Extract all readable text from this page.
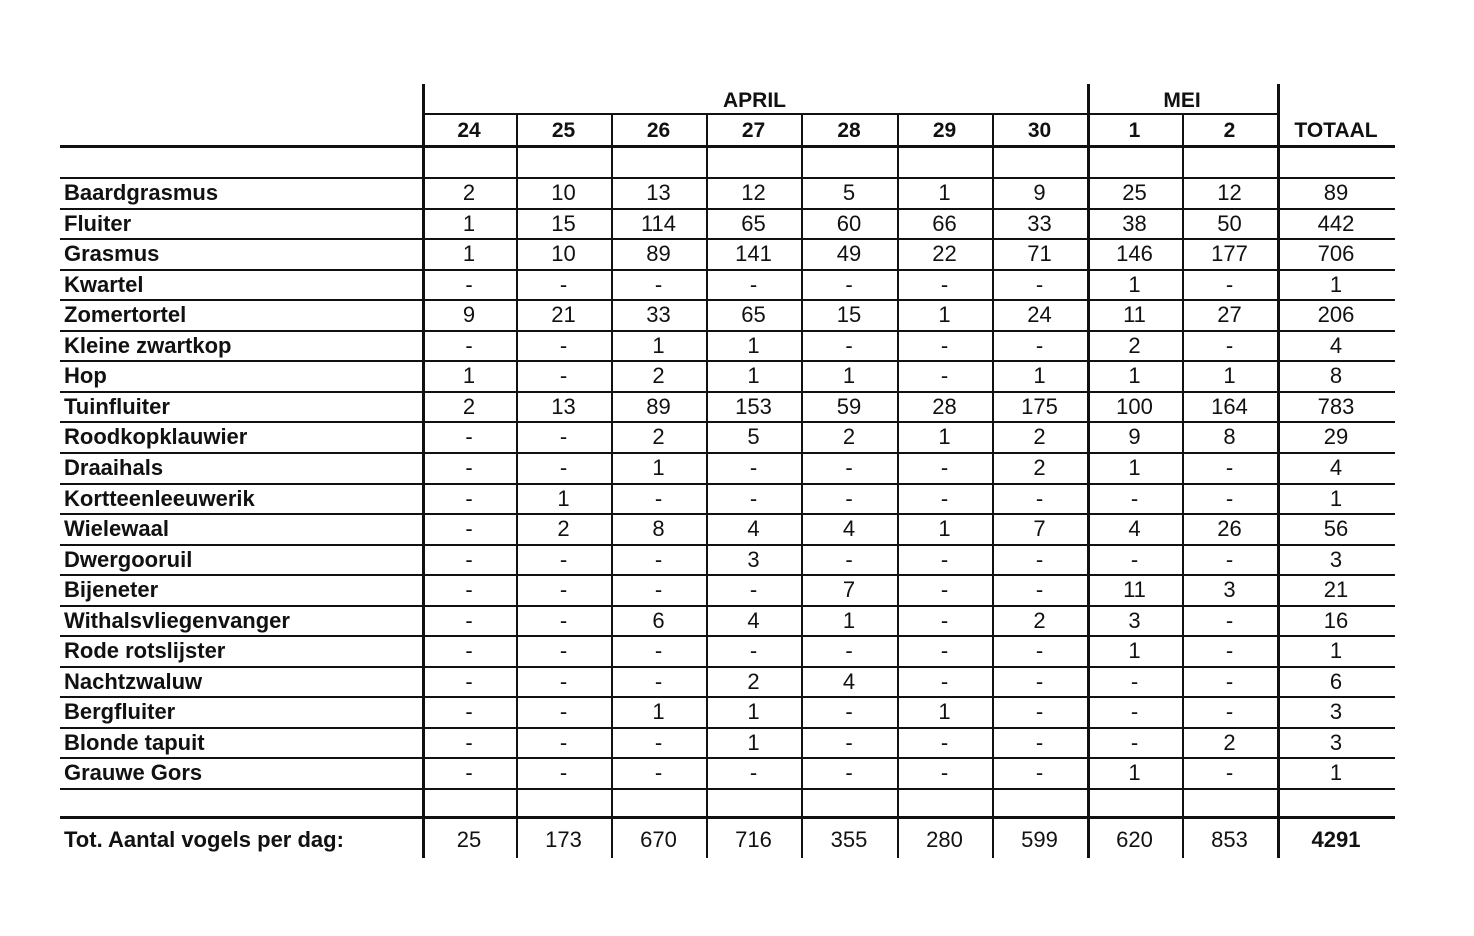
APRIL	MEI
24	25	26	27	28	29	30	1	2	TOTAAL
Baardgrasmus	2	10	13	12	5	1	9	25	12	89
Fluiter	1	15	114	65	60	66	33	38	50	442
Grasmus	1	10	89	141	49	22	71	146	177	706
Kwartel	-	-	-	-	-	-	-	1	-	1
Zomertortel	9	21	33	65	15	1	24	11	27	206
Kleine zwartkop	-	-	1	1	-	-	-	2	-	4
Hop	1	-	2	1	1	-	1	1	1	8
Tuinfluiter	2	13	89	153	59	28	175	100	164	783
Roodkopklauwier	-	-	2	5	2	1	2	9	8	29
Draaihals	-	-	1	-	-	-	2	1	-	4
Kortteenleeuwerik	-	1	-	-	-	-	-	-	-	1
Wielewaal	-	2	8	4	4	1	7	4	26	56
Dwergooruil	-	-	-	3	-	-	-	-	-	3
Bijeneter	-	-	-	-	7	-	-	11	3	21
Withalsvliegenvanger	-	-	6	4	1	-	2	3	-	16
Rode rotslijster	-	-	-	-	-	-	-	1	-	1
Nachtzwaluw	-	-	-	2	4	-	-	-	-	6
Bergfluiter	-	-	1	1	-	1	-	-	-	3
Blonde tapuit	-	-	-	1	-	-	-	-	2	3
Grauwe Gors	-	-	-	-	-	-	-	1	-	1
Tot. Aantal vogels per dag:	25	173	670	716	355	280	599	620	853	4291
